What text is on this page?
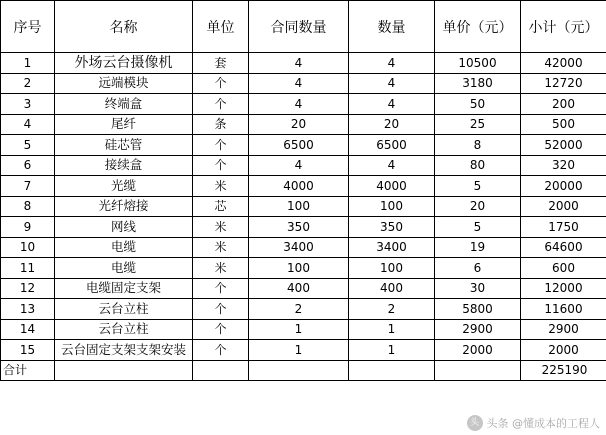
序号	名称	单位	合同数量	数量	单价（元）	小计（元）
1	外场云台摄像机	套	4	4	10500	42000
2	远端模块	个	4	4	3180	12720
3	终端盒	个	4	4	50	200
4	尾纤	条	20	20	25	500
5	硅芯管	个	6500	6500	8	52000
6	接续盒	个	4	4	80	320
7	光缆	米	4000	4000	5	20000
8	光纤熔接	芯	100	100	20	2000
9	网线	米	350	350	5	1750
10	电缆	米	3400	3400	19	64600
11	电缆	米	100	100	6	600
12	电缆固定支架	个	400	400	30	12000
13	云台立柱	个	2	2	5800	11600
14	云台立柱	个	1	1	2900	2900
15	云台固定支架支架安装	个	1	1	2000	2000
合计						225190
头 头条 @懂成本的工程人
